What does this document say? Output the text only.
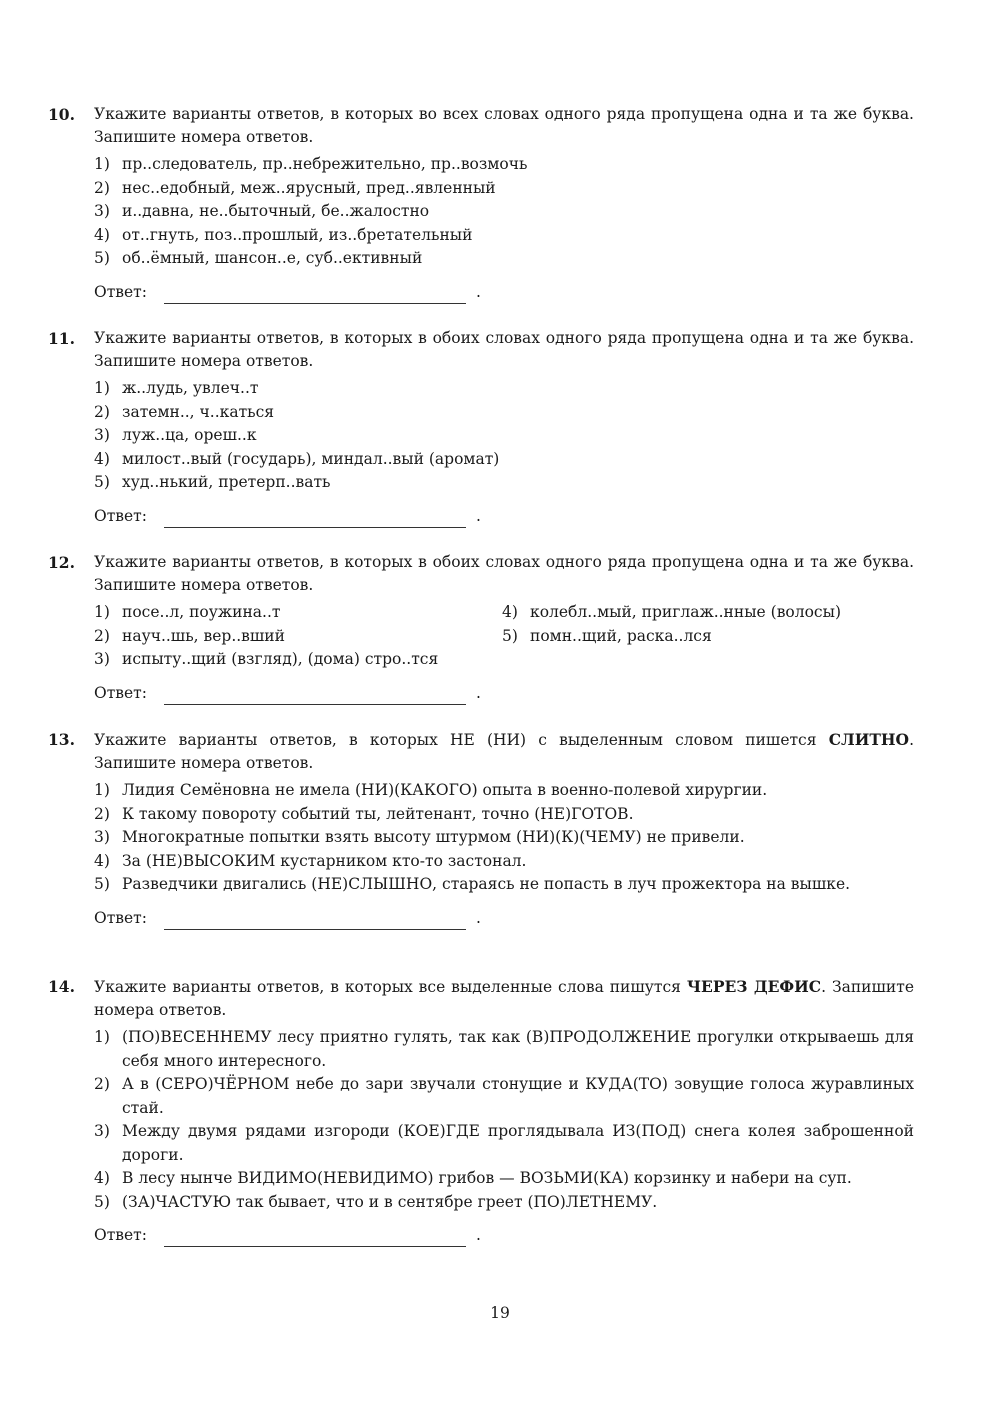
10. Укажите варианты ответов, в которых во всех словах одного ряда пропущена одна и та же буква. Запишите номера ответов.

1) пр..следователь, пр..небрежительно, пр..возмочь
2) нес..едобный, меж..ярусный, пред..явленный
3) и..давна, не..быточный, бе..жалостно
4) от..гнуть, поз..прошлый, из..бретательный
5) об..ёмный, шансон..е, суб..ективный
Ответ:	.
11. Укажите варианты ответов, в которых в обоих словах одного ряда пропущена одна и та же буква. Запишите номера ответов.

1) ж..лудь, увлеч..т
2) затемн.., ч..каться
3) луж..ца, ореш..к
4) милост..вый (государь), миндал..вый (аромат)
5) худ..нький, претерп..вать
Ответ:	.
12. Укажите варианты ответов, в которых в обоих словах одного ряда пропущена одна и та же буква. Запишите номера ответов.

1) посе..л, поужина..т
2) науч..шь, вер..вший
3) испыту..щий (взгляд), (дома) стро..тся
4) колебл..мый, приглаж..нные (волосы)
5) помн..щий, раска..лся
Ответ:	.
13. Укажите варианты ответов, в которых НЕ (НИ) с выделенным словом пишется СЛИТНО. Запишите номера ответов.

1) Лидия Семёновна не имела (НИ)(КАКОГО) опыта в военно-полевой хирургии.
2) К такому повороту событий ты, лейтенант, точно (НЕ)ГОТОВ.
3) Многократные попытки взять высоту штурмом (НИ)(К)(ЧЕМУ) не привели.
4) За (НЕ)ВЫСОКИМ кустарником кто-то застонал.
5) Разведчики двигались (НЕ)СЛЫШНО, стараясь не попасть в луч прожектора на вышке.
Ответ:	.
14. Укажите варианты ответов, в которых все выделенные слова пишутся ЧЕРЕЗ ДЕФИС. Запишите номера ответов.

1) (ПО)ВЕСЕННЕМУ лесу приятно гулять, так как (В)ПРОДОЛЖЕНИЕ прогулки открываешь для себя много интересного.
2) А в (СЕРО)ЧЁРНОМ небе до зари звучали стонущие и КУДА(ТО) зовущие голоса журавлиных стай.
3) Между двумя рядами изгороди (КОЕ)ГДЕ проглядывала ИЗ(ПОД) снега колея заброшенной дороги.
4) В лесу нынче ВИДИМО(НЕВИДИМО) грибов — ВОЗЬМИ(КА) корзинку и набери на суп.
5) (ЗА)ЧАСТУЮ так бывает, что и в сентябре греет (ПО)ЛЕТНЕМУ.
Ответ:	.
19
